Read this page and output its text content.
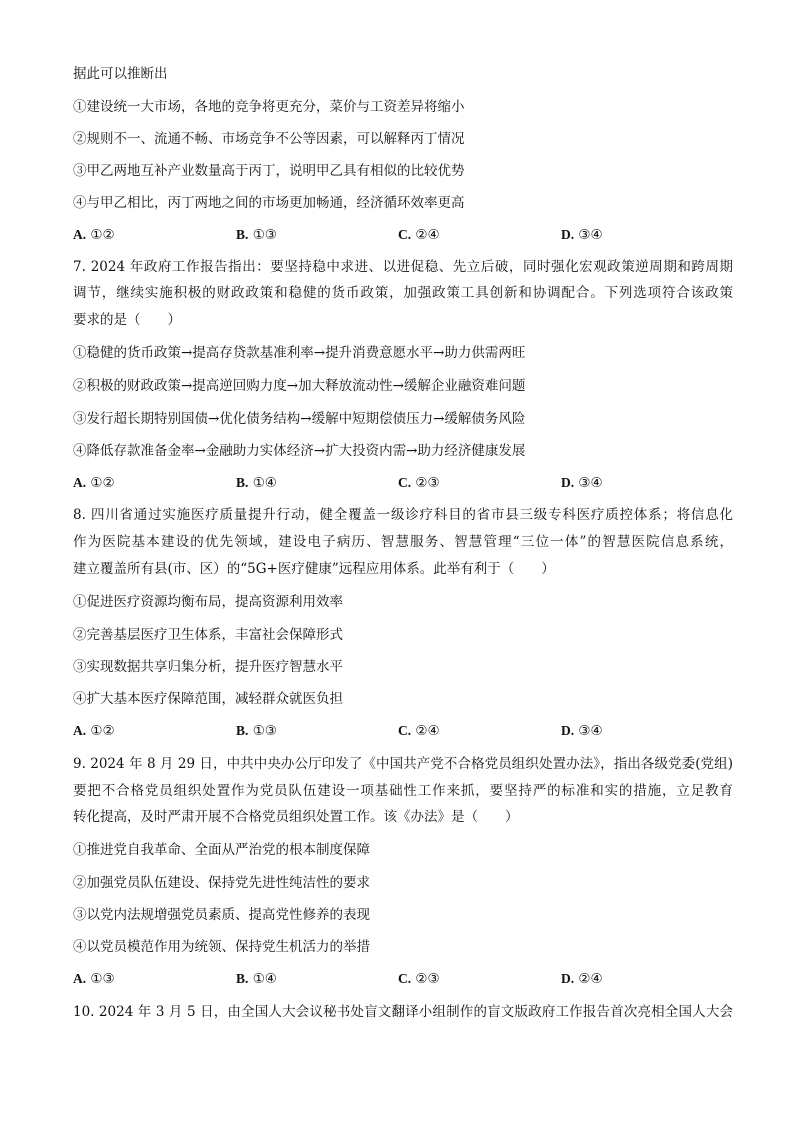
据此可以推断出
①建设统一大市场，各地的竞争将更充分，菜价与工资差异将缩小
②规则不一、流通不畅、市场竞争不公等因素，可以解释丙丁情况
③甲乙两地互补产业数量高于丙丁，说明甲乙具有相似的比较优势
④与甲乙相比，丙丁两地之间的市场更加畅通，经济循环效率更高
A. ①②	B. ①③	C. ②④	D. ③④
7. 2024 年政府工作报告指出：要坚持稳中求进、以进促稳、先立后破，同时强化宏观政策逆周期和跨周期
调节，继续实施积极的财政政策和稳健的货币政策，加强政策工具创新和协调配合。下列选项符合该政策
要求的是（　　）
①稳健的货币政策→提高存贷款基准利率→提升消费意愿水平→助力供需两旺
②积极的财政政策→提高逆回购力度→加大释放流动性→缓解企业融资难问题
③发行超长期特别国债→优化债务结构→缓解中短期偿债压力→缓解债务风险
④降低存款准备金率→金融助力实体经济→扩大投资内需→助力经济健康发展
A. ①②	B. ①④	C. ②③	D. ③④
8. 四川省通过实施医疗质量提升行动，健全覆盖一级诊疗科目的省市县三级专科医疗质控体系；将信息化
作为医院基本建设的优先领域，建设电子病历、智慧服务、智慧管理“三位一体”的智慧医院信息系统，
建立覆盖所有县(市、区）的“5G+医疗健康”远程应用体系。此举有利于（　　）
①促进医疗资源均衡布局，提高资源利用效率
②完善基层医疗卫生体系，丰富社会保障形式
③实现数据共享归集分析，提升医疗智慧水平
④扩大基本医疗保障范围，减轻群众就医负担
A. ①②	B. ①③	C. ②④	D. ③④
9. 2024 年 8 月 29 日，中共中央办公厅印发了《中国共产党不合格党员组织处置办法》，指出各级党委(党组)
要把不合格党员组织处置作为党员队伍建设一项基础性工作来抓，要坚持严的标准和实的措施，立足教育
转化提高，及时严肃开展不合格党员组织处置工作。该《办法》是（　　）
①推进党自我革命、全面从严治党的根本制度保障
②加强党员队伍建设、保持党先进性纯洁性的要求
③以党内法规增强党员素质、提高党性修养的表现
④以党员模范作用为统领、保持党生机活力的举措
A. ①③	B. ①④	C. ②③	D. ②④
10. 2024 年 3 月 5 日，由全国人大会议秘书处盲文翻译小组制作的盲文版政府工作报告首次亮相全国人大会
